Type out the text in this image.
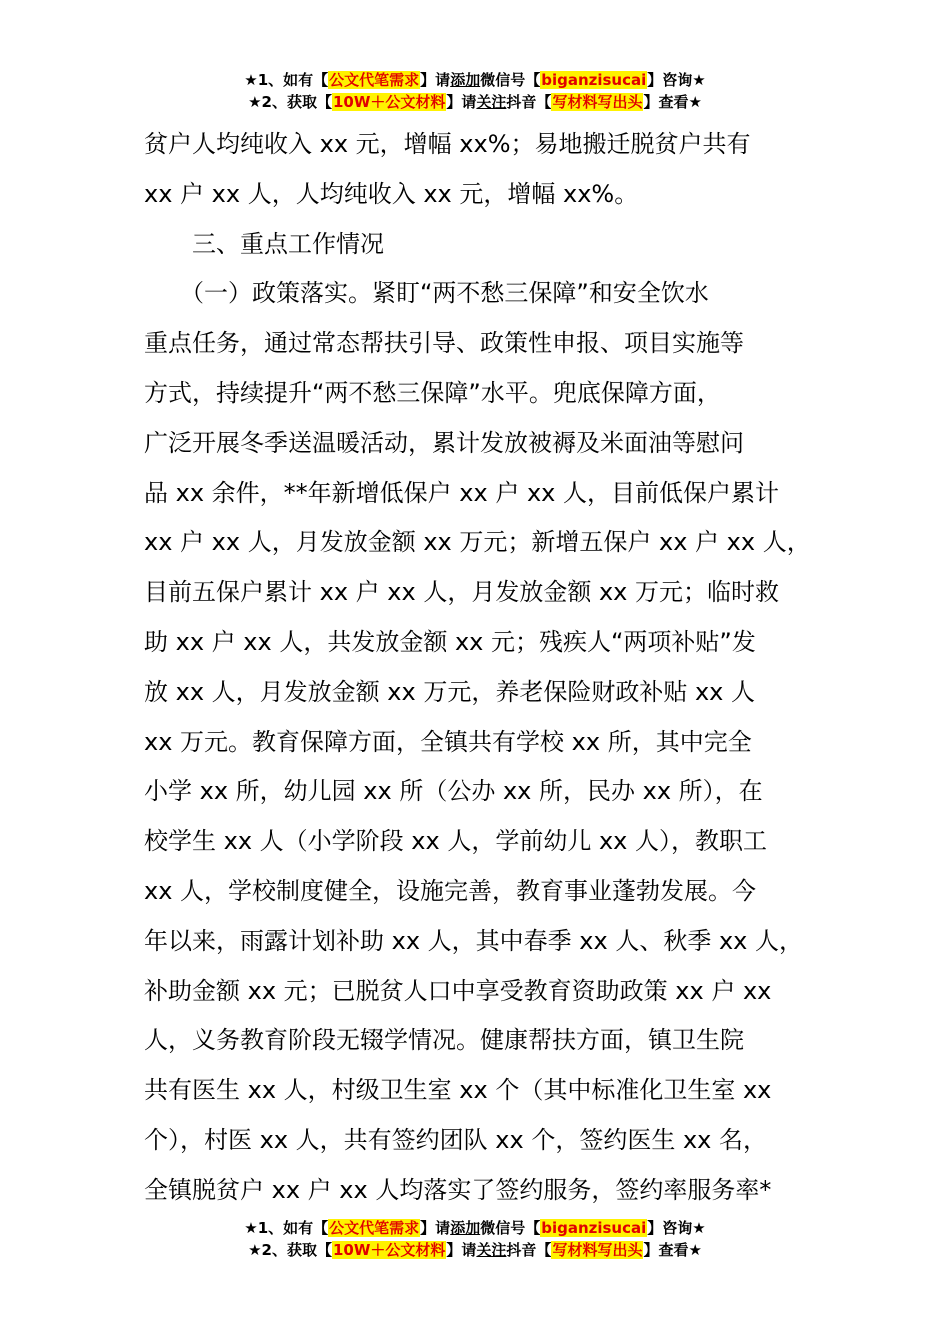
★1、如有【公文代笔需求】请添加微信号【biganzisucai】咨询★
★2、获取【10W＋公文材料】请关注抖音【写材料写出头】查看★
贫户人均纯收入 xx 元，增幅 xx%；易地搬迁脱贫户共有
xx 户 xx 人，人均纯收入 xx 元，增幅 xx%。
　　三、重点工作情况
　　（一）政策落实。紧盯“两不愁三保障”和安全饮水
重点任务，通过常态帮扶引导、政策性申报、项目实施等
方式，持续提升“两不愁三保障”水平。兜底保障方面，
广泛开展冬季送温暖活动，累计发放被褥及米面油等慰问
品 xx 余件，**年新增低保户 xx 户 xx 人，目前低保户累计
xx 户 xx 人，月发放金额 xx 万元；新增五保户 xx 户 xx 人，
目前五保户累计 xx 户 xx 人，月发放金额 xx 万元；临时救
助 xx 户 xx 人，共发放金额 xx 元；残疾人“两项补贴”发
放 xx 人，月发放金额 xx 万元，养老保险财政补贴 xx 人
xx 万元。教育保障方面，全镇共有学校 xx 所，其中完全
小学 xx 所，幼儿园 xx 所（公办 xx 所，民办 xx 所），在
校学生 xx 人（小学阶段 xx 人，学前幼儿 xx 人），教职工
xx 人，学校制度健全，设施完善，教育事业蓬勃发展。今
年以来，雨露计划补助 xx 人，其中春季 xx 人、秋季 xx 人，
补助金额 xx 元；已脱贫人口中享受教育资助政策 xx 户 xx
人，义务教育阶段无辍学情况。健康帮扶方面，镇卫生院
共有医生 xx 人，村级卫生室 xx 个（其中标准化卫生室 xx
个），村医 xx 人，共有签约团队 xx 个，签约医生 xx 名，
全镇脱贫户 xx 户 xx 人均落实了签约服务，签约率服务率*
★1、如有【公文代笔需求】请添加微信号【biganzisucai】咨询★
★2、获取【10W＋公文材料】请关注抖音【写材料写出头】查看★
